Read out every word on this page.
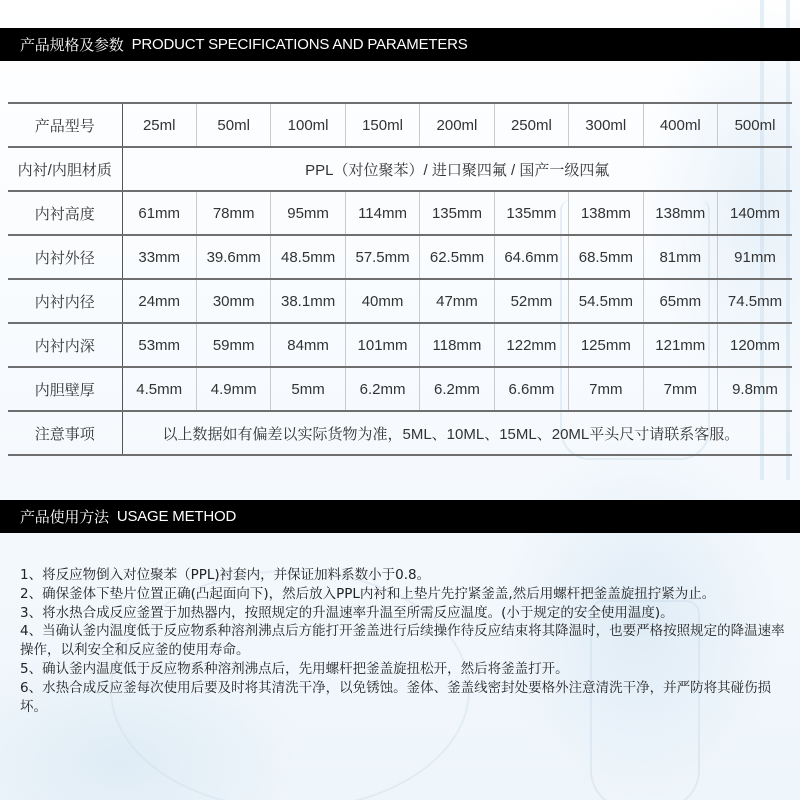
产品规格及参数 PRODUCT SPECIFICATIONS AND PARAMETERS
产品型号	25ml	50ml	100ml	150ml	200ml	250ml	300ml	400ml	500ml
内衬/内胆材质	PPL（对位聚苯）/ 进口聚四氟 / 国产一级四氟								
内衬高度	61mm	78mm	95mm	114mm	135mm	135mm	138mm	138mm	140mm
内衬外径	33mm	39.6mm	48.5mm	57.5mm	62.5mm	64.6mm	68.5mm	81mm	91mm
内衬内径	24mm	30mm	38.1mm	40mm	47mm	52mm	54.5mm	65mm	74.5mm
内衬内深	53mm	59mm	84mm	101mm	118mm	122mm	125mm	121mm	120mm
内胆壁厚	4.5mm	4.9mm	5mm	6.2mm	6.2mm	6.6mm	7mm	7mm	9.8mm
注意事项	以上数据如有偏差以实际货物为准，5ML、10ML、15ML、20ML平头尺寸请联系客服。								
产品使用方法 USAGE METHOD

1、将反应物倒入对位聚苯（PPL)衬套内，并保证加料系数小于0.8。

2、确保釜体下垫片位置正确(凸起面向下)，然后放入PPL内衬和上垫片先拧紧釜盖,然后用螺杆把釜盖旋扭拧紧为止。

3、将水热合成反应釜置于加热器内，按照规定的升温速率升温至所需反应温度。(小于规定的安全使用温度)。

4、当确认釜内温度低于反应物系种溶剂沸点后方能打开釜盖进行后续操作待反应结束将其降温时，也要严格按照规定的降温速率操作，以利安全和反应釜的使用寿命。

5、确认釜内温度低于反应物系种溶剂沸点后，先用螺杆把釜盖旋扭松开，然后将釜盖打开。

6、水热合成反应釜每次使用后要及时将其清洗干净，以免锈蚀。釜体、釜盖线密封处要格外注意清洗干净，并严防将其碰伤损坏。
